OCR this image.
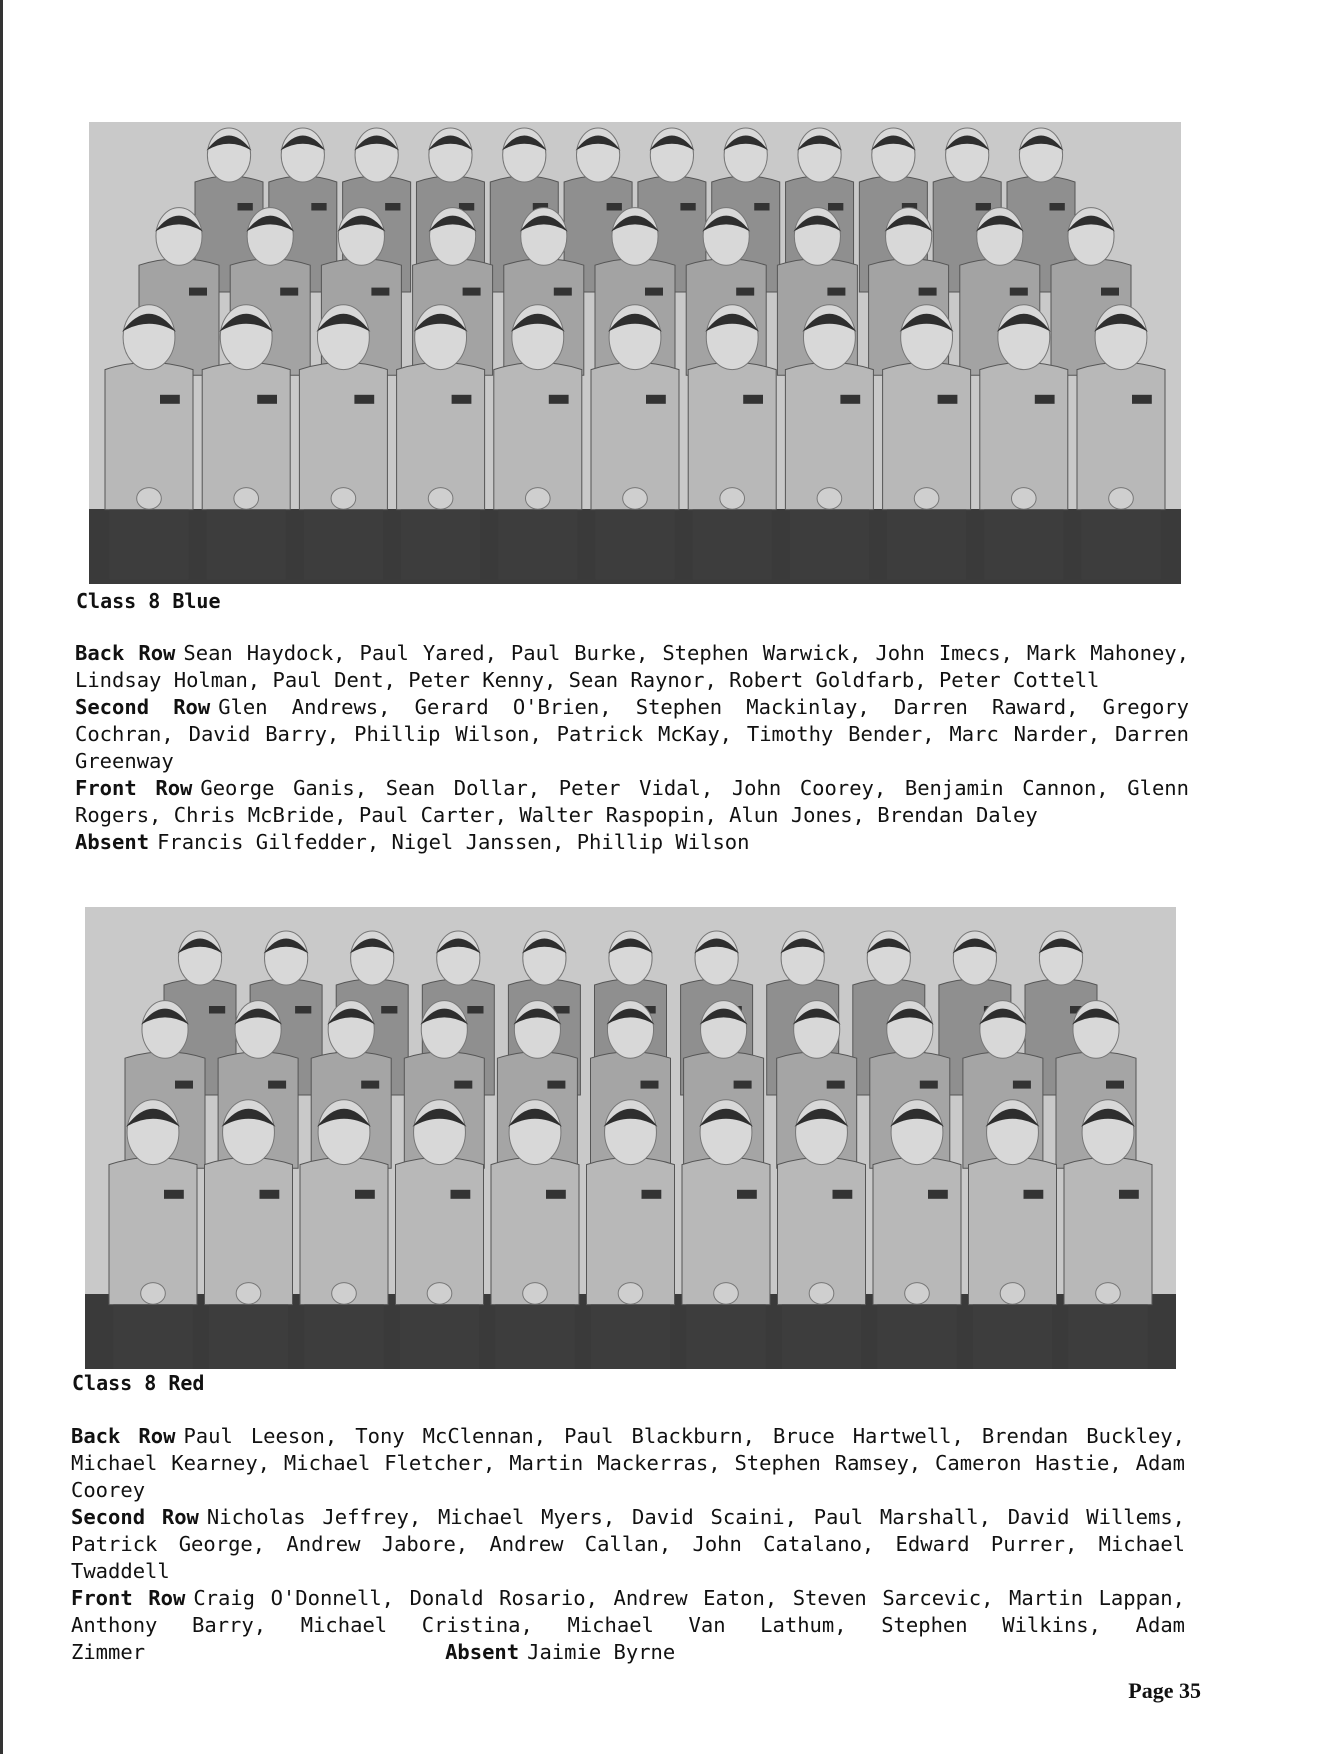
Class 8 Blue

Back Row Sean Haydock, Paul Yared, Paul Burke, Stephen Warwick, John Imecs, Mark Mahoney, Lindsay Holman, Paul Dent, Peter Kenny, Sean Raynor, Robert Goldfarb, Peter Cottell

Second Row Glen Andrews, Gerard O'Brien, Stephen Mackinlay, Darren Raward, Gregory Cochran, David Barry, Phillip Wilson, Patrick McKay, Timothy Bender, Marc Narder, Darren Greenway

Front Row George Ganis, Sean Dollar, Peter Vidal, John Coorey, Benjamin Cannon, Glenn Rogers, Chris McBride, Paul Carter, Walter Raspopin, Alun Jones, Brendan Daley

Absent Francis Gilfedder, Nigel Janssen, Phillip Wilson

Class 8 Red

Back Row Paul Leeson, Tony McClennan, Paul Blackburn, Bruce Hartwell, Brendan Buckley, Michael Kearney, Michael Fletcher, Martin Mackerras, Stephen Ramsey, Cameron Hastie, Adam Coorey

Second Row Nicholas Jeffrey, Michael Myers, David Scaini, Paul Marshall, David Willems, Patrick George, Andrew Jabore, Andrew Callan, John Catalano, Edward Purrer, Michael Twaddell

Front Row Craig O'Donnell, Donald Rosario, Andrew Eaton, Steven Sarcevic, Martin Lappan, Anthony Barry, Michael Cristina, Michael Van Lathum, Stephen Wilkins, Adam Zimmer	Absent Jaimie Byrne

Page 35
